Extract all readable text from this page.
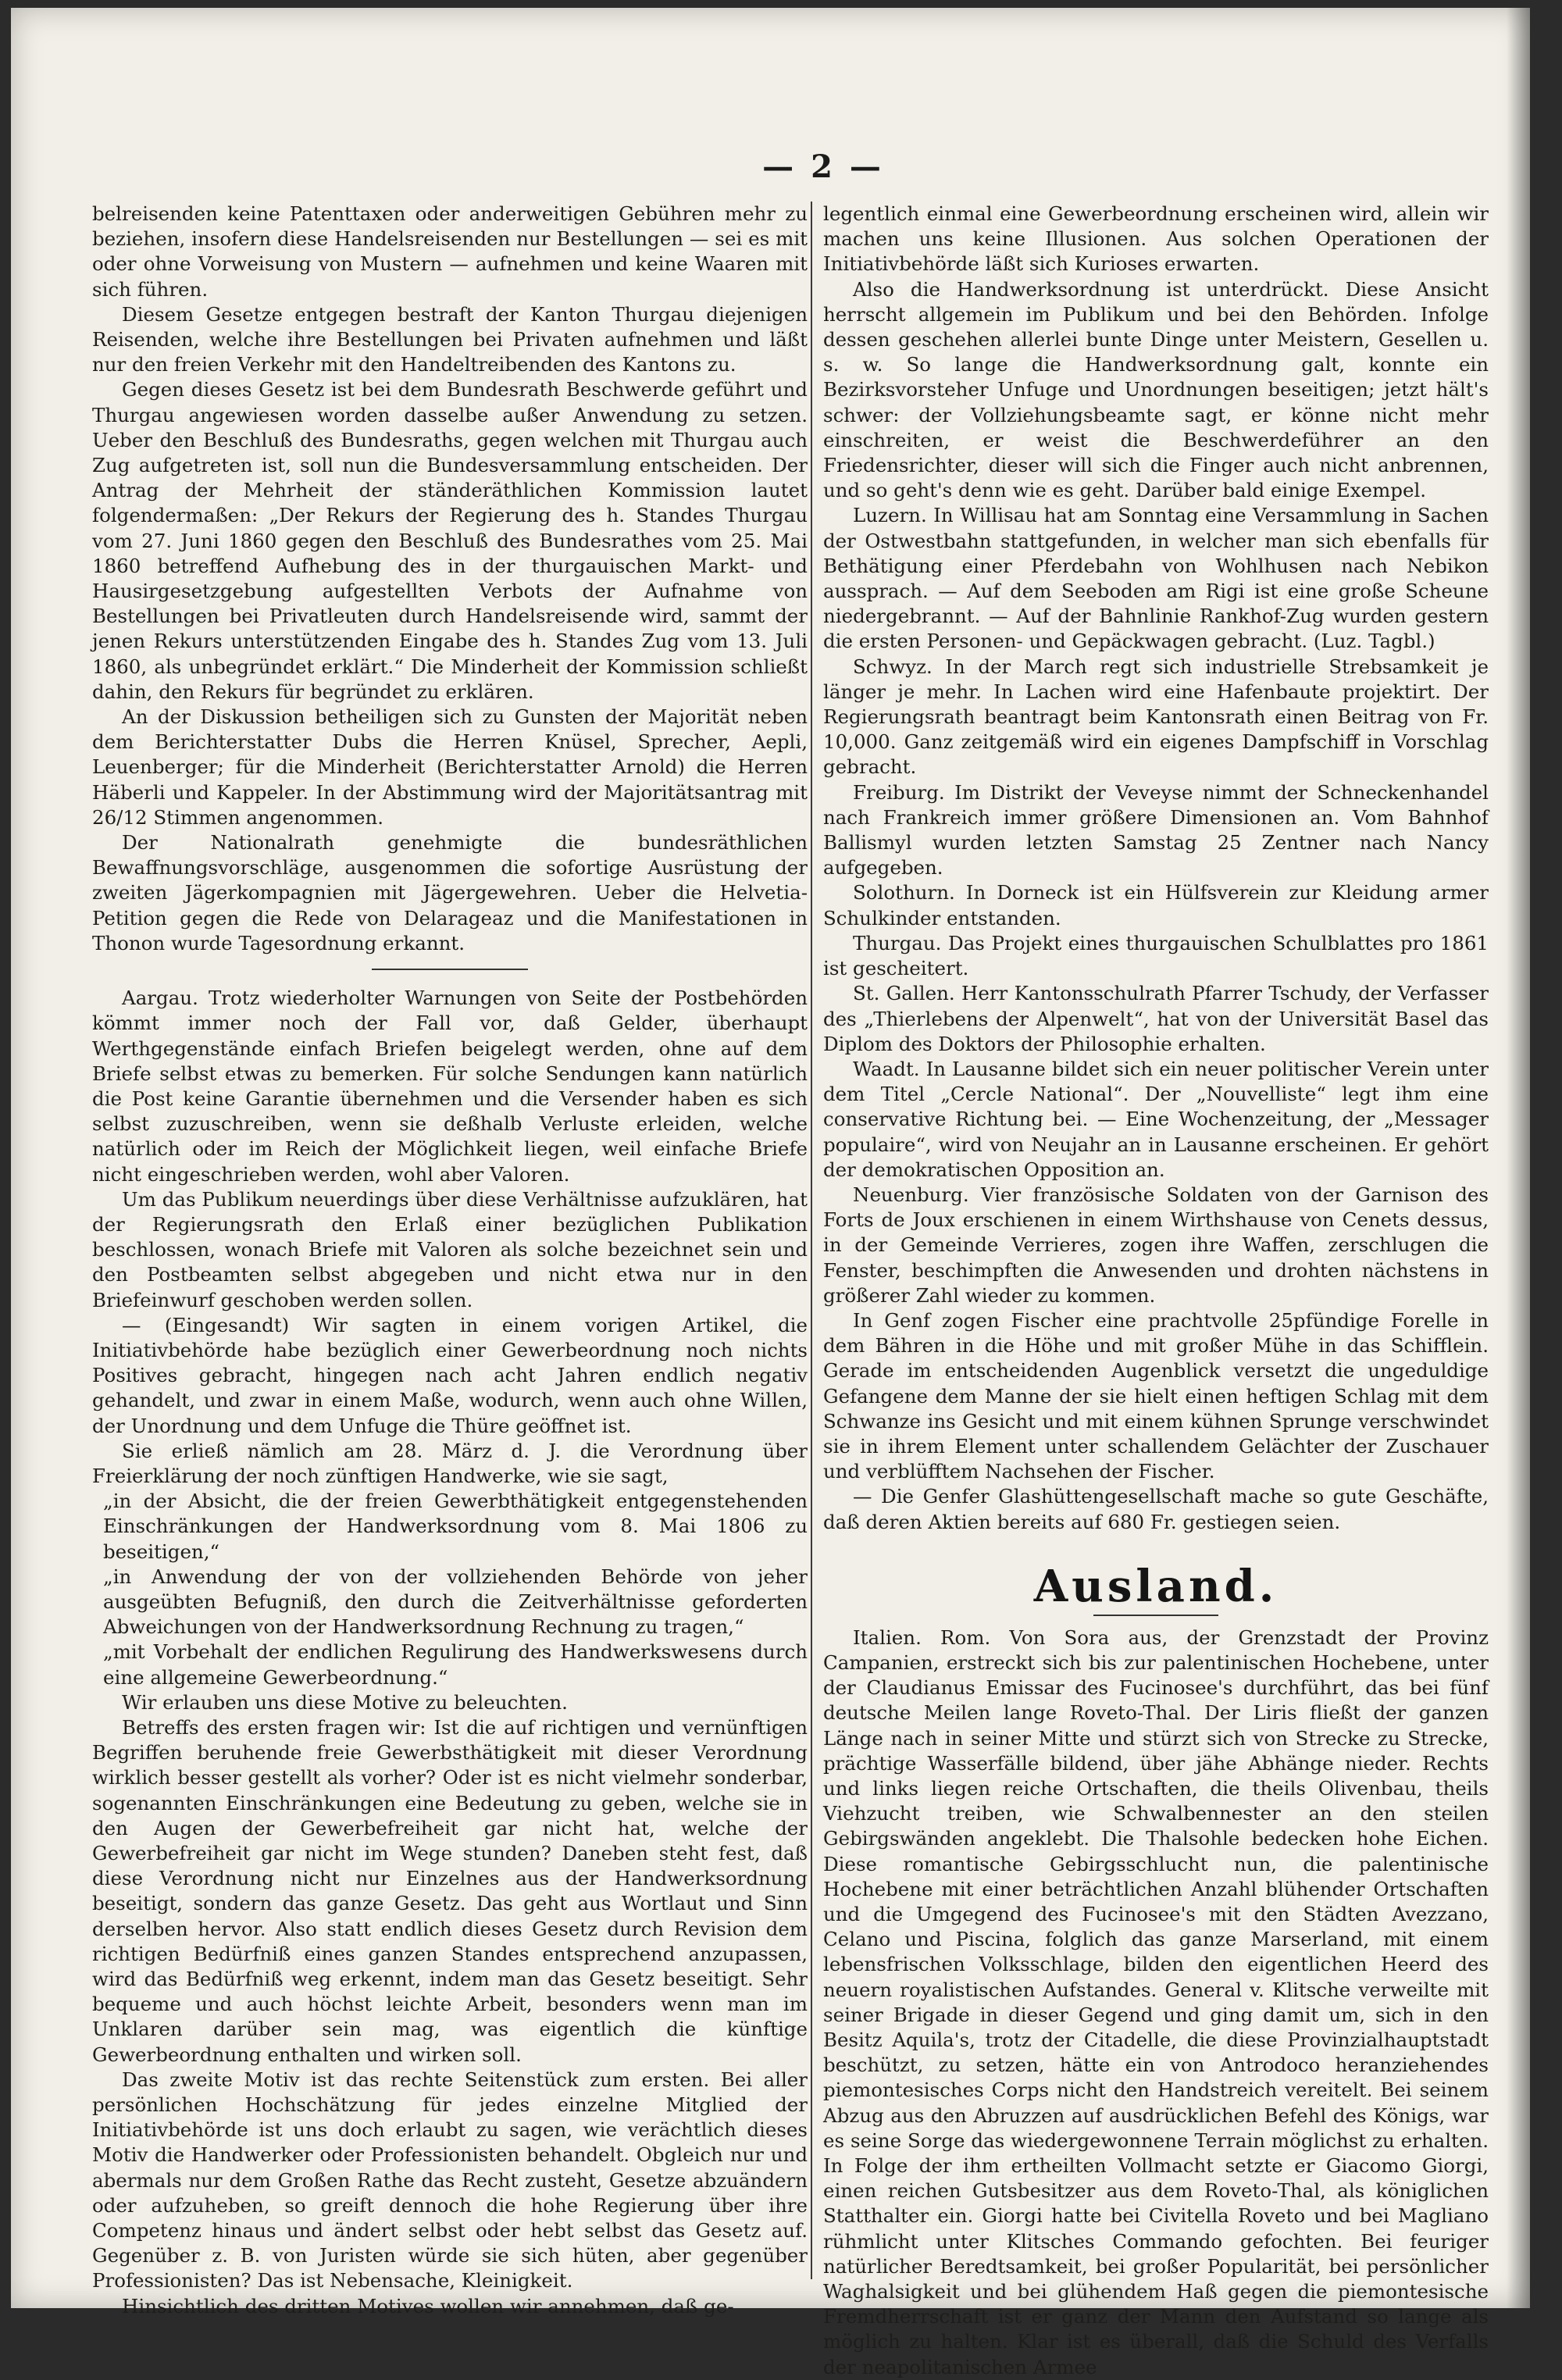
— 2 —

belreisenden keine Patenttaxen oder anderweitigen Gebühren mehr zu beziehen, insofern diese Handelsreisenden nur Bestellungen — sei es mit oder ohne Vorweisung von Mustern — aufnehmen und keine Waaren mit sich führen.

Diesem Gesetze entgegen bestraft der Kanton Thurgau diejenigen Reisenden, welche ihre Bestellungen bei Privaten aufnehmen und läßt nur den freien Verkehr mit den Handeltreibenden des Kantons zu.

Gegen dieses Gesetz ist bei dem Bundesrath Beschwerde geführt und Thurgau angewiesen worden dasselbe außer Anwendung zu setzen. Ueber den Beschluß des Bundesraths, gegen welchen mit Thurgau auch Zug aufgetreten ist, soll nun die Bundesversammlung entscheiden. Der Antrag der Mehrheit der ständeräthlichen Kommission lautet folgendermaßen: „Der Rekurs der Regierung des h. Standes Thurgau vom 27. Juni 1860 gegen den Beschluß des Bundesrathes vom 25. Mai 1860 betreffend Aufhebung des in der thurgauischen Markt- und Hausirgesetzgebung aufgestellten Verbots der Aufnahme von Bestellungen bei Privatleuten durch Handelsreisende wird, sammt der jenen Rekurs unterstützenden Eingabe des h. Standes Zug vom 13. Juli 1860, als unbegründet erklärt.“ Die Minderheit der Kommission schließt dahin, den Rekurs für begründet zu erklären.

An der Diskussion betheiligen sich zu Gunsten der Majorität neben dem Berichterstatter Dubs die Herren Knüsel, Sprecher, Aepli, Leuenberger; für die Minderheit (Berichterstatter Arnold) die Herren Häberli und Kappeler. In der Abstimmung wird der Majoritätsantrag mit 26/12 Stimmen angenommen.

Der Nationalrath genehmigte die bundesräthlichen Bewaffnungsvorschläge, ausgenommen die sofortige Ausrüstung der zweiten Jägerkompagnien mit Jägergewehren. Ueber die Helvetia-Petition gegen die Rede von Delarageaz und die Manifestationen in Thonon wurde Tagesordnung erkannt.

Aargau. Trotz wiederholter Warnungen von Seite der Postbehörden kömmt immer noch der Fall vor, daß Gelder, überhaupt Werthgegenstände einfach Briefen beigelegt werden, ohne auf dem Briefe selbst etwas zu bemerken. Für solche Sendungen kann natürlich die Post keine Garantie übernehmen und die Versender haben es sich selbst zuzuschreiben, wenn sie deßhalb Verluste erleiden, welche natürlich oder im Reich der Möglichkeit liegen, weil einfache Briefe nicht eingeschrieben werden, wohl aber Valoren.

Um das Publikum neuerdings über diese Verhältnisse aufzuklären, hat der Regierungsrath den Erlaß einer bezüglichen Publikation beschlossen, wonach Briefe mit Valoren als solche bezeichnet sein und den Postbeamten selbst abgegeben und nicht etwa nur in den Briefeinwurf geschoben werden sollen.

— (Eingesandt) Wir sagten in einem vorigen Artikel, die Initiativbehörde habe bezüglich einer Gewerbeordnung noch nichts Positives gebracht, hingegen nach acht Jahren endlich negativ gehandelt, und zwar in einem Maße, wodurch, wenn auch ohne Willen, der Unordnung und dem Unfuge die Thüre geöffnet ist.

Sie erließ nämlich am 28. März d. J. die Verordnung über Freierklärung der noch zünftigen Handwerke, wie sie sagt,

„in der Absicht, die der freien Gewerbthätigkeit entgegenstehenden Einschränkungen der Handwerksordnung vom 8. Mai 1806 zu beseitigen,“

„in Anwendung der von der vollziehenden Behörde von jeher ausgeübten Befugniß, den durch die Zeitverhältnisse geforderten Abweichungen von der Handwerksordnung Rechnung zu tragen,“

„mit Vorbehalt der endlichen Regulirung des Handwerkswesens durch eine allgemeine Gewerbeordnung.“

Wir erlauben uns diese Motive zu beleuchten.

Betreffs des ersten fragen wir: Ist die auf richtigen und vernünftigen Begriffen beruhende freie Gewerbsthätigkeit mit dieser Verordnung wirklich besser gestellt als vorher? Oder ist es nicht vielmehr sonderbar, sogenannten Einschränkungen eine Bedeutung zu geben, welche sie in den Augen der Gewerbefreiheit gar nicht hat, welche der Gewerbefreiheit gar nicht im Wege stunden? Daneben steht fest, daß diese Verordnung nicht nur Einzelnes aus der Handwerksordnung beseitigt, sondern das ganze Gesetz. Das geht aus Wortlaut und Sinn derselben hervor. Also statt endlich dieses Gesetz durch Revision dem richtigen Bedürfniß eines ganzen Standes entsprechend anzupassen, wird das Bedürfniß weg erkennt, indem man das Gesetz beseitigt. Sehr bequeme und auch höchst leichte Arbeit, besonders wenn man im Unklaren darüber sein mag, was eigentlich die künftige Gewerbeordnung enthalten und wirken soll.

Das zweite Motiv ist das rechte Seitenstück zum ersten. Bei aller persönlichen Hochschätzung für jedes einzelne Mitglied der Initiativbehörde ist uns doch erlaubt zu sagen, wie verächtlich dieses Motiv die Handwerker oder Professionisten behandelt. Obgleich nur und abermals nur dem Großen Rathe das Recht zusteht, Gesetze abzuändern oder aufzuheben, so greift dennoch die hohe Regierung über ihre Competenz hinaus und ändert selbst oder hebt selbst das Gesetz auf. Gegenüber z. B. von Juristen würde sie sich hüten, aber gegenüber Professionisten? Das ist Nebensache, Kleinigkeit.

Hinsichtlich des dritten Motives wollen wir annehmen, daß ge-

legentlich einmal eine Gewerbeordnung erscheinen wird, allein wir machen uns keine Illusionen. Aus solchen Operationen der Initiativbehörde läßt sich Kurioses erwarten.

Also die Handwerksordnung ist unterdrückt. Diese Ansicht herrscht allgemein im Publikum und bei den Behörden. Infolge dessen geschehen allerlei bunte Dinge unter Meistern, Gesellen u. s. w. So lange die Handwerksordnung galt, konnte ein Bezirksvorsteher Unfuge und Unordnungen beseitigen; jetzt hält's schwer: der Vollziehungsbeamte sagt, er könne nicht mehr einschreiten, er weist die Beschwerdeführer an den Friedensrichter, dieser will sich die Finger auch nicht anbrennen, und so geht's denn wie es geht. Darüber bald einige Exempel.

Luzern. In Willisau hat am Sonntag eine Versammlung in Sachen der Ostwestbahn stattgefunden, in welcher man sich ebenfalls für Bethätigung einer Pferdebahn von Wohlhusen nach Nebikon aussprach. — Auf dem Seeboden am Rigi ist eine große Scheune niedergebrannt. — Auf der Bahnlinie Rankhof-Zug wurden gestern die ersten Personen- und Gepäckwagen gebracht. (Luz. Tagbl.)

Schwyz. In der March regt sich industrielle Strebsamkeit je länger je mehr. In Lachen wird eine Hafenbaute projektirt. Der Regierungsrath beantragt beim Kantonsrath einen Beitrag von Fr. 10,000. Ganz zeitgemäß wird ein eigenes Dampfschiff in Vorschlag gebracht.

Freiburg. Im Distrikt der Veveyse nimmt der Schneckenhandel nach Frankreich immer größere Dimensionen an. Vom Bahnhof Ballismyl wurden letzten Samstag 25 Zentner nach Nancy aufgegeben.

Solothurn. In Dorneck ist ein Hülfsverein zur Kleidung armer Schulkinder entstanden.

Thurgau. Das Projekt eines thurgauischen Schulblattes pro 1861 ist gescheitert.

St. Gallen. Herr Kantonsschulrath Pfarrer Tschudy, der Verfasser des „Thierlebens der Alpenwelt“, hat von der Universität Basel das Diplom des Doktors der Philosophie erhalten.

Waadt. In Lausanne bildet sich ein neuer politischer Verein unter dem Titel „Cercle National“. Der „Nouvelliste“ legt ihm eine conservative Richtung bei. — Eine Wochenzeitung, der „Messager populaire“, wird von Neujahr an in Lausanne erscheinen. Er gehört der demokratischen Opposition an.

Neuenburg. Vier französische Soldaten von der Garnison des Forts de Joux erschienen in einem Wirthshause von Cenets dessus, in der Gemeinde Verrieres, zogen ihre Waffen, zerschlugen die Fenster, beschimpften die Anwesenden und drohten nächstens in größerer Zahl wieder zu kommen.

In Genf zogen Fischer eine prachtvolle 25pfündige Forelle in dem Bähren in die Höhe und mit großer Mühe in das Schifflein. Gerade im entscheidenden Augenblick versetzt die ungeduldige Gefangene dem Manne der sie hielt einen heftigen Schlag mit dem Schwanze ins Gesicht und mit einem kühnen Sprunge verschwindet sie in ihrem Element unter schallendem Gelächter der Zuschauer und verblüfftem Nachsehen der Fischer.

— Die Genfer Glashüttengesellschaft mache so gute Geschäfte, daß deren Aktien bereits auf 680 Fr. gestiegen seien.

Ausland.

Italien. Rom. Von Sora aus, der Grenzstadt der Provinz Campanien, erstreckt sich bis zur palentinischen Hochebene, unter der Claudianus Emissar des Fucinosee's durchführt, das bei fünf deutsche Meilen lange Roveto-Thal. Der Liris fließt der ganzen Länge nach in seiner Mitte und stürzt sich von Strecke zu Strecke, prächtige Wasserfälle bildend, über jähe Abhänge nieder. Rechts und links liegen reiche Ortschaften, die theils Olivenbau, theils Viehzucht treiben, wie Schwalbennester an den steilen Gebirgswänden angeklebt. Die Thalsohle bedecken hohe Eichen. Diese romantische Gebirgsschlucht nun, die palentinische Hochebene mit einer beträchtlichen Anzahl blühender Ortschaften und die Umgegend des Fucinosee's mit den Städten Avezzano, Celano und Piscina, folglich das ganze Marserland, mit einem lebensfrischen Volksschlage, bilden den eigentlichen Heerd des neuern royalistischen Aufstandes. General v. Klitsche verweilte mit seiner Brigade in dieser Gegend und ging damit um, sich in den Besitz Aquila's, trotz der Citadelle, die diese Provinzialhauptstadt beschützt, zu setzen, hätte ein von Antrodoco heranziehendes piemontesisches Corps nicht den Handstreich vereitelt. Bei seinem Abzug aus den Abruzzen auf ausdrücklichen Befehl des Königs, war es seine Sorge das wiedergewonnene Terrain möglichst zu erhalten. In Folge der ihm ertheilten Vollmacht setzte er Giacomo Giorgi, einen reichen Gutsbesitzer aus dem Roveto-Thal, als königlichen Statthalter ein. Giorgi hatte bei Civitella Roveto und bei Magliano rühmlicht unter Klitsches Commando gefochten. Bei feuriger natürlicher Beredtsamkeit, bei großer Popularität, bei persönlicher Waghalsigkeit und bei glühendem Haß gegen die piemontesische Fremdherrschaft ist er ganz der Mann den Aufstand so lange als möglich zu halten. Klar ist es überall, daß die Schuld des Verfalls der neapolitanischen Armee
